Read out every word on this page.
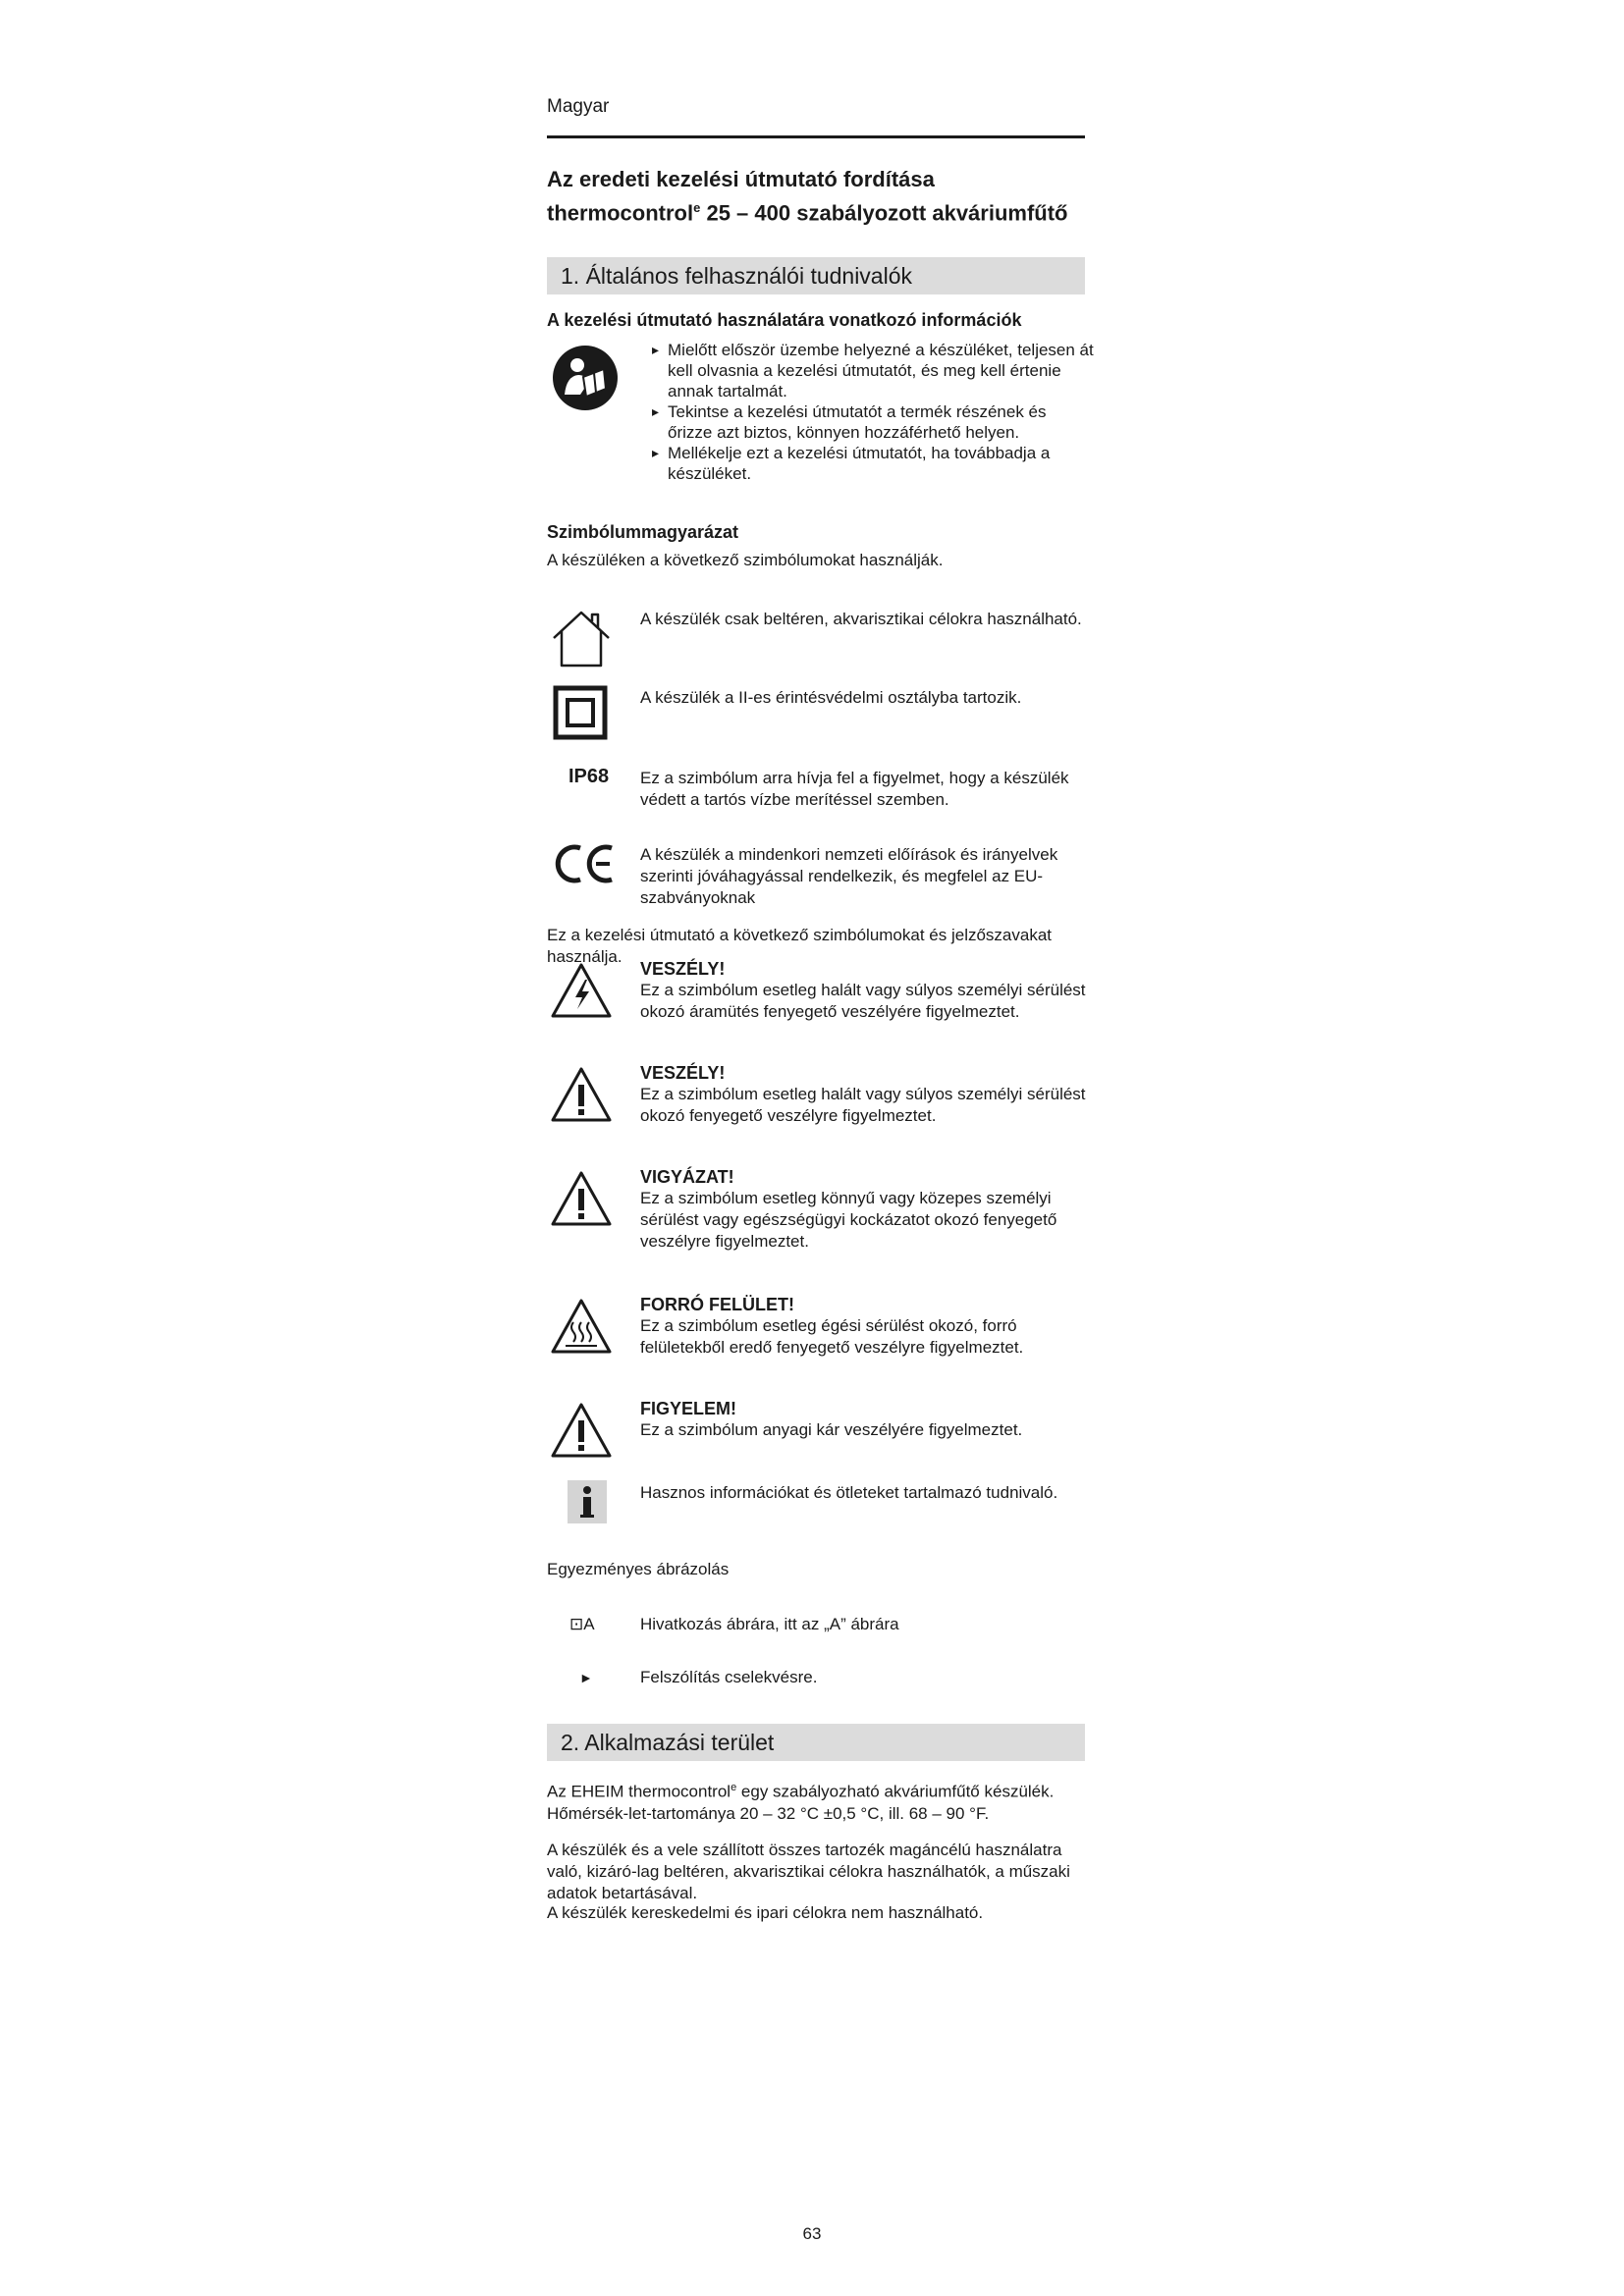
Magyar
Az eredeti kezelési útmutató fordítása
thermocontrol$^e$ 25 – 400 szabályozott akváriumfűtő
1. Általános felhasználói tudnivalók
A kezelési útmutató használatára vonatkozó információk
▸ Mielőtt először üzembe helyezné a készüléket, teljesen át kell olvasnia a kezelési útmutatót, és meg kell értenie annak tartalmát.
▸ Tekintse a kezelési útmutatót a termék részének és őrizze azt biztos, könnyen hozzáférhető helyen.
▸ Mellékelje ezt a kezelési útmutatót, ha továbbadja a készüléket.
Szimbólummagyarázat
A készüléken a következő szimbólumokat használják.
A készülék csak beltéren, akvarisztikai célokra használható.
A készülék a II-es érintésvédelmi osztályba tartozik.
IP68 Ez a szimbólum arra hívja fel a figyelmet, hogy a készülék védett a tartós vízbe merítéssel szemben.
A készülék a mindenkori nemzeti előírások és irányelvek szerinti jóváhagyással rendelkezik, és megfelel az EU-szabványoknak
Ez a kezelési útmutató a következő szimbólumokat és jelzőszavakat használja.
VESZÉLY!
Ez a szimbólum esetleg halált vagy súlyos személyi sérülést okozó áramütés fenyegető veszélyére figyelmeztet.
VESZÉLY!
Ez a szimbólum esetleg halált vagy súlyos személyi sérülést okozó fenyegető veszélyre figyelmeztet.
VIGYÁZAT!
Ez a szimbólum esetleg könnyű vagy közepes személyi sérülést vagy egészségügyi kockázatot okozó fenyegető veszélyre figyelmeztet.
FORRÓ FELÜLET!
Ez a szimbólum esetleg égési sérülést okozó, forró felületekből eredő fenyegető veszélyre figyelmeztet.
FIGYELEM!
Ez a szimbólum anyagi kár veszélyére figyelmeztet.
Hasznos információkat és ötleteket tartalmazó tudnivaló.
Egyezményes ábrázolás
⊡A	Hivatkozás ábrára, itt az „A” ábrára
►	Felszólítás cselekvésre.
2. Alkalmazási terület
Az EHEIM thermocontrol$^e$ egy szabályozható akváriumfűtő készülék. Hőmérsék-let-tartománya 20 – 32 °C ±0,5 °C, ill. 68 – 90 °F.
A készülék és a vele szállított összes tartozék magáncélú használatra való, kizáró-lag beltéren, akvarisztikai célokra használhatók, a műszaki adatok betartásával.
A készülék kereskedelmi és ipari célokra nem használható.
63
